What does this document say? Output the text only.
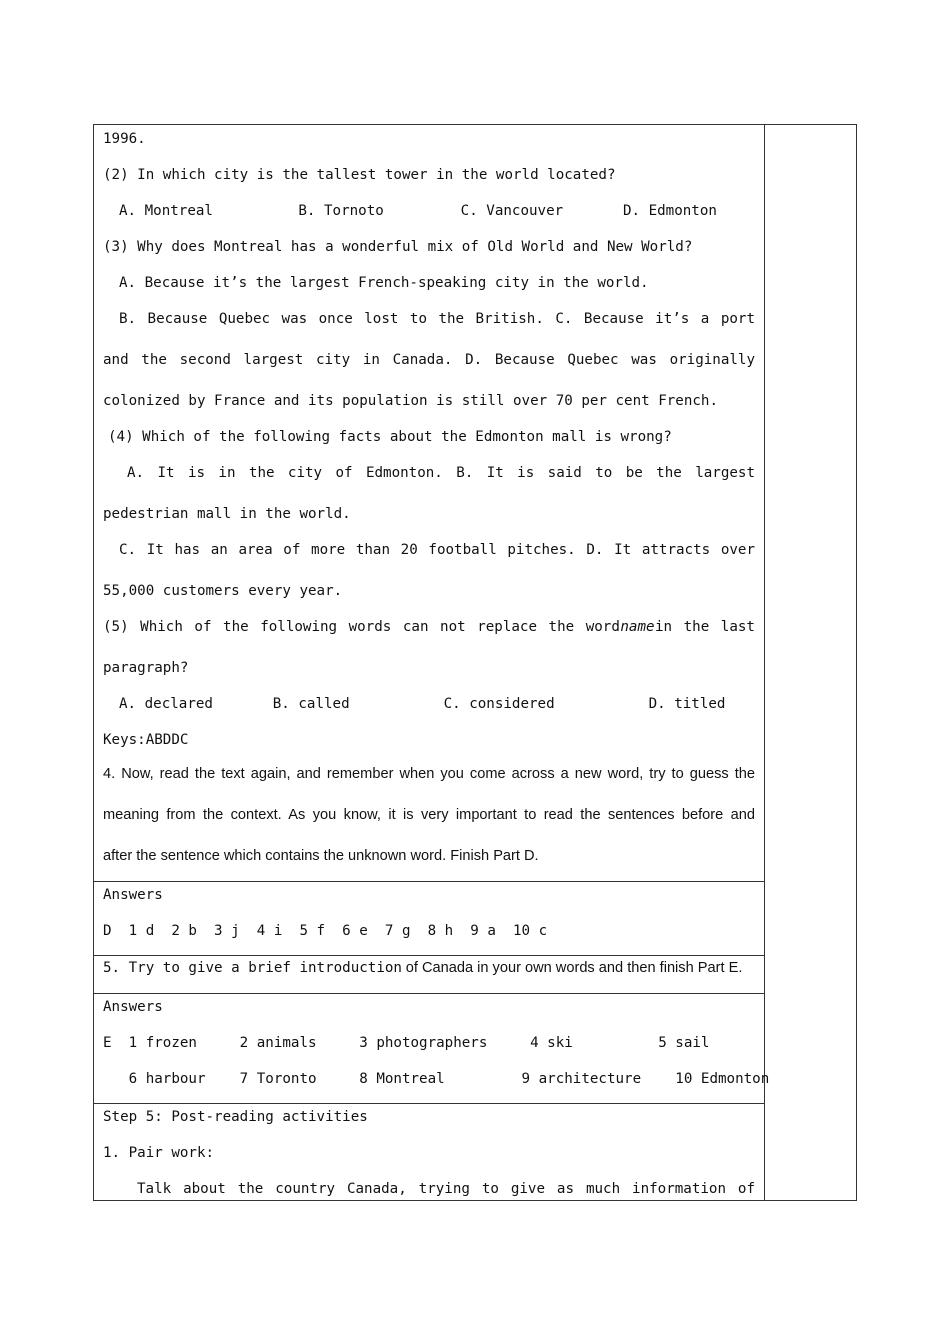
1996.
(2) In which city is the tallest tower in the world located?
A. Montreal          B. Tornoto         C. Vancouver       D. Edmonton
(3) Why does Montreal has a wonderful mix of Old World and New World?
A. Because it’s the largest French-speaking city in the world.
B. Because Quebec was once lost to the British. C. Because it’s a port
and the second largest city in Canada. D. Because Quebec was originally
colonized by France and its population is still over 70 per cent French.
(4) Which of the following facts about the Edmonton mall is wrong?
A. It is in the city of Edmonton. B. It is said to be the largest
pedestrian mall in the world.
C. It has an area of more than 20 football pitches. D. It attracts over
55,000 customers every year.
(5) Which of the following words can not replace the word name in the last
paragraph?
A. declared       B. called           C. considered           D. titled
Keys:ABDDC
4. Now, read the text again, and remember when you come across a new word, try to guess the
meaning from the context. As you know, it is very important to read the sentences before and
after the sentence which contains the unknown word. Finish Part D.
Answers
D  1 d  2 b  3 j  4 i  5 f  6 e  7 g  8 h  9 a  10 c
5. Try to give a brief introduction of Canada in your own words and then finish Part E.
Answers
E  1 frozen     2 animals     3 photographers     4 ski          5 sail
6 harbour    7 Toronto     8 Montreal         9 architecture    10 Edmonton
Step 5: Post-reading activities
1. Pair work:
Talk about the country Canada, trying to give as much information of
